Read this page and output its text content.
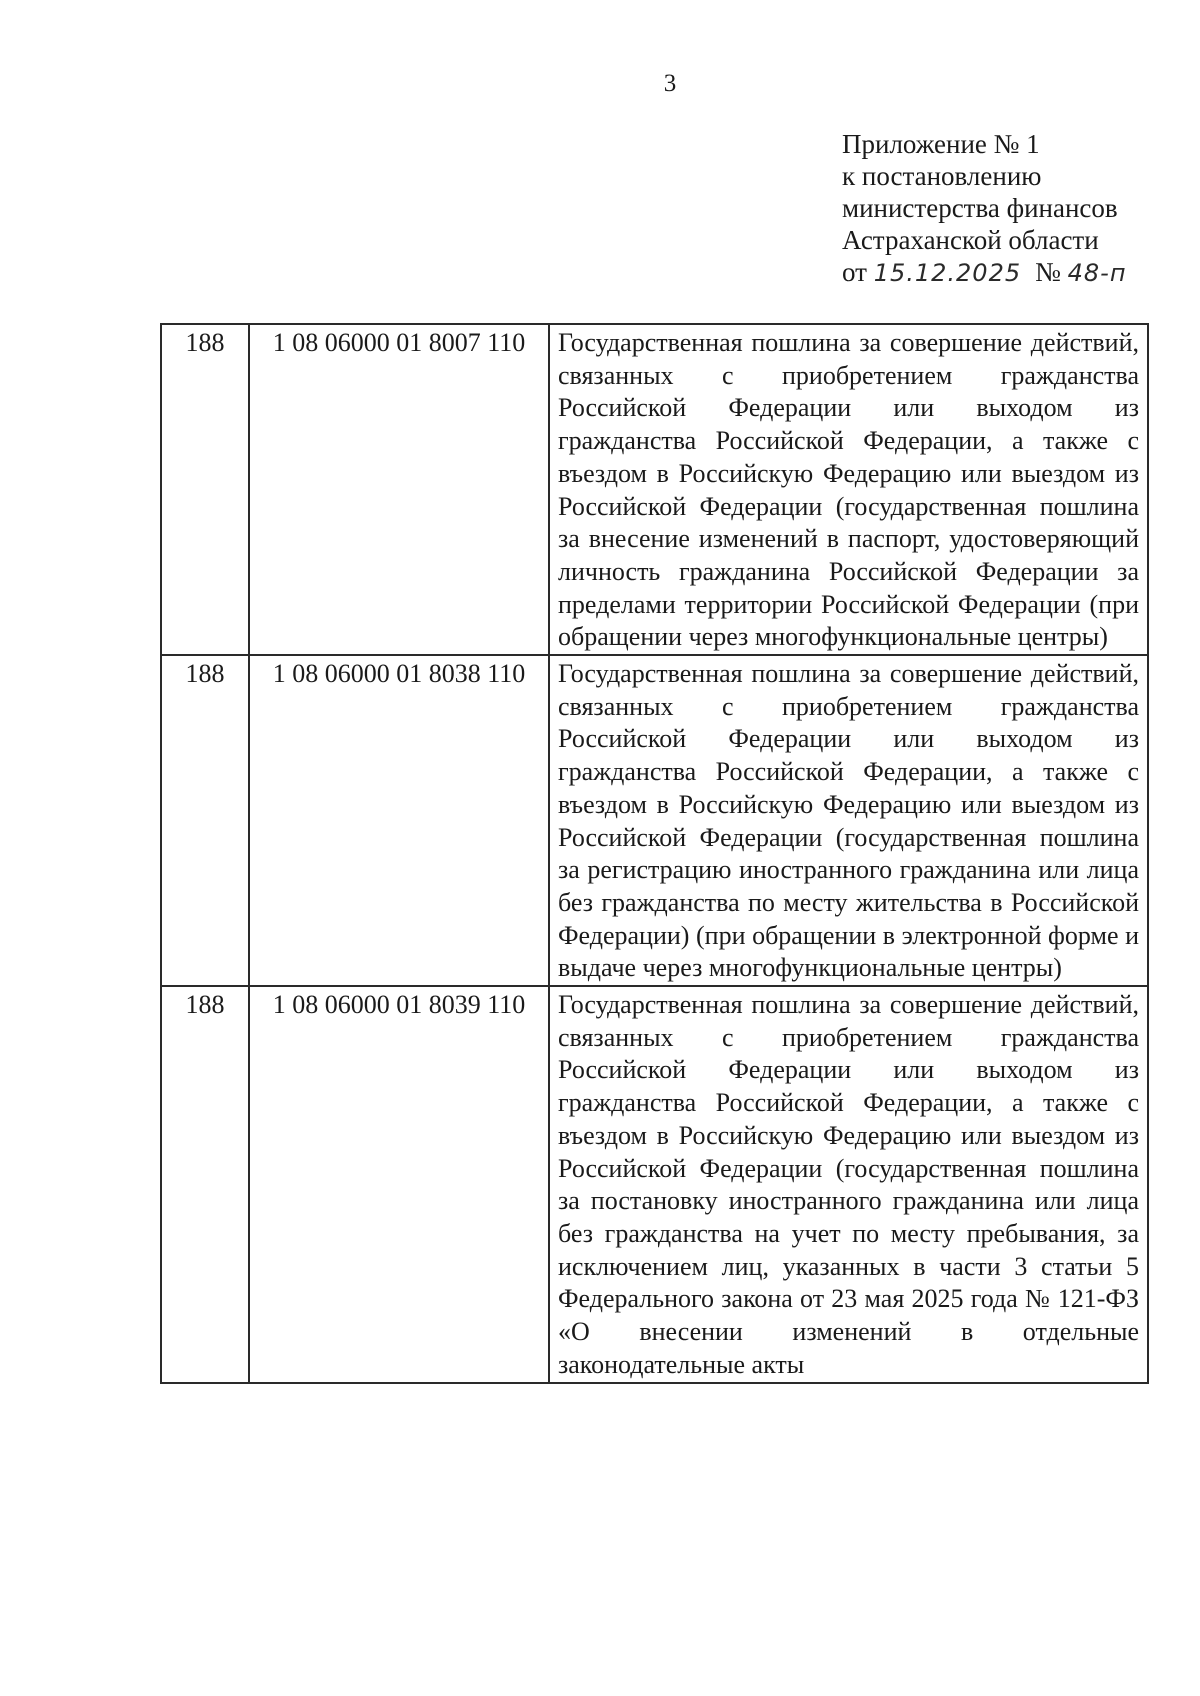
3
Приложение № 1
к постановлению
министерства финансов
Астраханской области
от 15.12.2025 № 48-п
188	1 08 06000 01 8007 110	Государственная пошлина за совершение действий, связанных с приобретением гражданства Российской Федерации или выходом из гражданства Российской Федерации, а также с въездом в Российскую Федерацию или выездом из Российской Федерации (государственная пошлина за внесение изменений в паспорт, удостоверяющий личность гражданина Российской Федерации за пределами территории Российской Федерации (при обращении через многофункциональные центры)
188	1 08 06000 01 8038 110	Государственная пошлина за совершение действий, связанных с приобретением гражданства Российской Федерации или выходом из гражданства Российской Федерации, а также с въездом в Российскую Федерацию или выездом из Российской Федерации (государственная пошлина за регистрацию иностранного гражданина или лица без гражданства по месту жительства в Российской Федерации) (при обращении в электронной форме и выдаче через многофункциональные центры)
188	1 08 06000 01 8039 110	Государственная пошлина за совершение действий, связанных с приобретением гражданства Российской Федерации или выходом из гражданства Российской Федерации, а также с въездом в Российскую Федерацию или выездом из Российской Федерации (государственная пошлина за постановку иностранного гражданина или лица без гражданства на учет по месту пребывания, за исключением лиц, указанных в части 3 статьи 5 Федерального закона от 23 мая 2025 года № 121-ФЗ «О внесении изменений в отдельные законодательные акты
